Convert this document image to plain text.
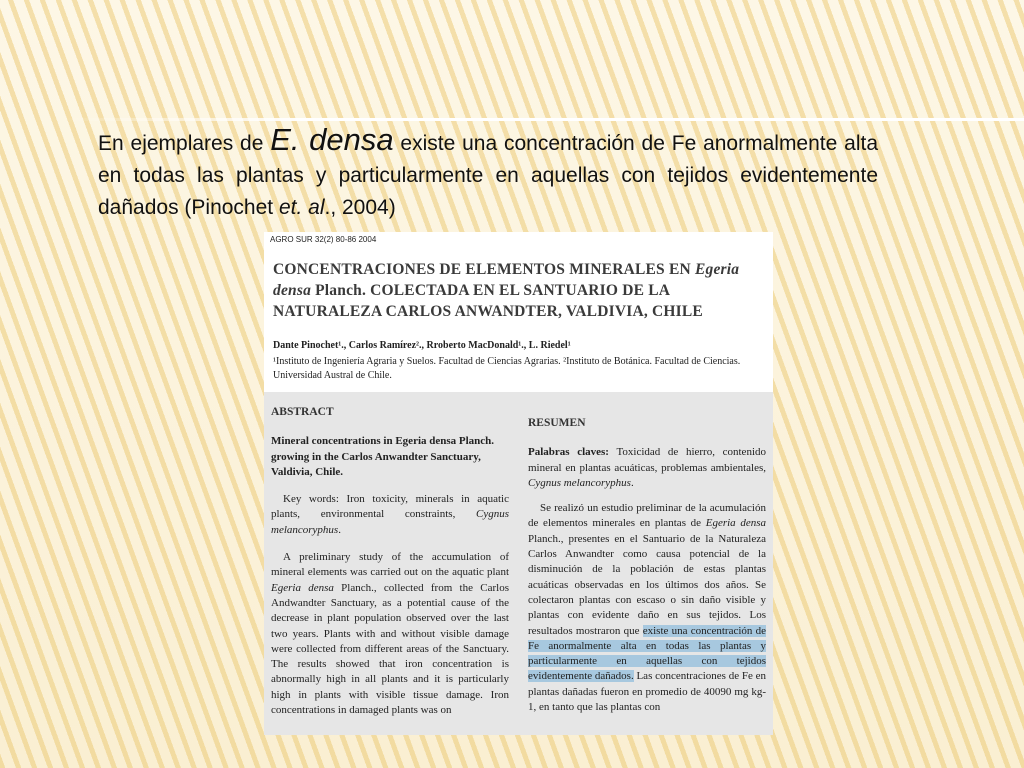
En ejemplares de E. densa existe una concentración de Fe anormalmente alta en todas las plantas y particularmente en aquellas con tejidos evidentemente dañados (Pinochet et. al., 2004)
AGRO SUR 32(2) 80-86 2004
CONCENTRACIONES DE ELEMENTOS MINERALES EN Egeria densa Planch. COLECTADA EN EL SANTUARIO DE LA NATURALEZA CARLOS ANWANDTER, VALDIVIA, CHILE
Dante Pinochet¹., Carlos Ramírez²., Rroberto MacDonald¹., L. Riedel¹
¹Instituto de Ingeniería Agraria y Suelos. Facultad de Ciencias Agrarias. ²Instituto de Botánica. Facultad de Ciencias. Universidad Austral de Chile.
ABSTRACT
Mineral concentrations in Egeria densa Planch. growing in the Carlos Anwandter Sanctuary, Valdivia, Chile.
Key words: Iron toxicity, minerals in aquatic plants, environmental constraints, Cygnus melancoryphus.
A preliminary study of the accumulation of mineral elements was carried out on the aquatic plant Egeria densa Planch., collected from the Carlos Andwandter Sanctuary, as a potential cause of the decrease in plant population observed over the last two years. Plants with and without visible damage were collected from different areas of the Sanctuary. The results showed that iron concentration is abnormally high in all plants and it is particularly high in plants with visible tissue damage. Iron concentrations in damaged plants was on
RESUMEN
Palabras claves: Toxicidad de hierro, contenido mineral en plantas acuáticas, problemas ambientales, Cygnus melancoryphus.
Se realizó un estudio preliminar de la acumulación de elementos minerales en plantas de Egeria densa Planch., presentes en el Santuario de la Naturaleza Carlos Anwandter como causa potencial de la disminución de la población de estas plantas acuáticas observadas en los últimos dos años. Se colectaron plantas con escaso o sin daño visible y plantas con evidente daño en sus tejidos. Los resultados mostraron que existe una concentración de Fe anormalmente alta en todas las plantas y particularmente en aquellas con tejidos evidentemente dañados. Las concentraciones de Fe en plantas dañadas fueron en promedio de 40090 mg kg-1, en tanto que las plantas con
